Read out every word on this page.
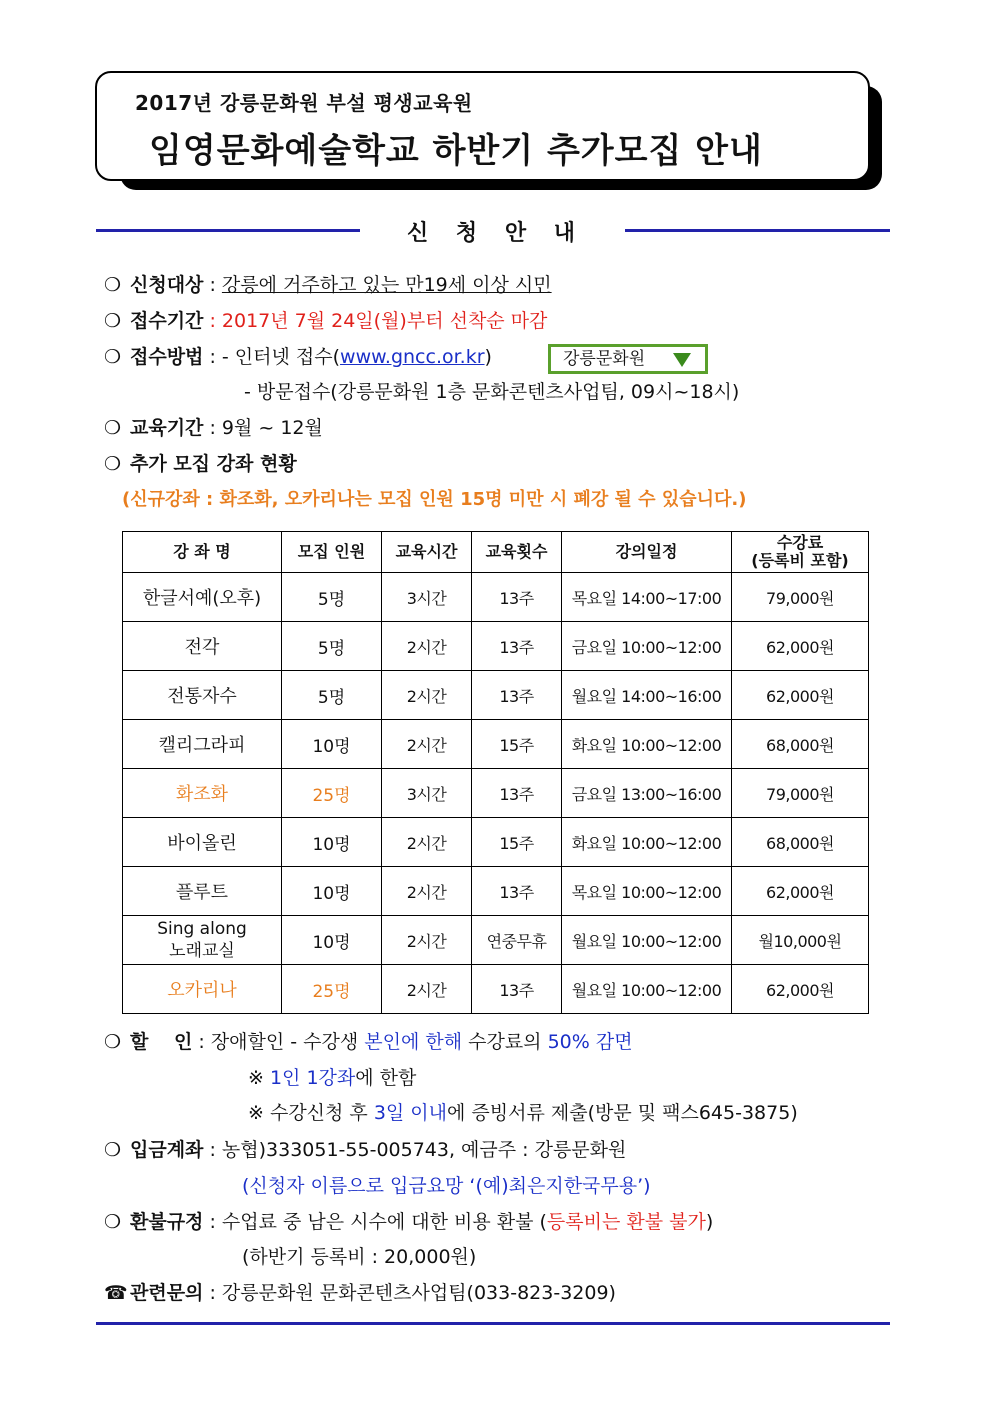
2017년 강릉문화원 부설 평생교육원
임영문화예술학교 하반기 추가모집 안내
신 청 안 내
❍ 신청대상 : 강릉에 거주하고 있는 만19세 이상 시민
❍ 접수기간 : 2017년 7월 24일(월)부터 선착순 마감
❍ 접수방법 : - 인터넷 접수(www.gncc.or.kr)	강릉문화원
- 방문접수(강릉문화원 1층 문화콘텐츠사업팀, 09시~18시)
❍ 교육기간 : 9월 ~ 12월
❍ 추가 모집 강좌 현황
(신규강좌 : 화조화, 오카리나는 모집 인원 15명 미만 시 폐강 될 수 있습니다.)
강 좌 명	모집 인원	교육시간	교육횟수	강의일정	수강료
(등록비 포함)
한글서예(오후)	5명	3시간	13주	목요일 14:00~17:00	79,000원
전각	5명	2시간	13주	금요일 10:00~12:00	62,000원
전통자수	5명	2시간	13주	월요일 14:00~16:00	62,000원
캘리그라피	10명	2시간	15주	화요일 10:00~12:00	68,000원
화조화	25명	3시간	13주	금요일 13:00~16:00	79,000원
바이올린	10명	2시간	15주	화요일 10:00~12:00	68,000원
플루트	10명	2시간	13주	목요일 10:00~12:00	62,000원
Sing along
노래교실	10명	2시간	연중무휴	월요일 10:00~12:00	월10,000원
오카리나	25명	2시간	13주	월요일 10:00~12:00	62,000원
❍ 할　 인 : 장애할인 - 수강생 본인에 한해 수강료의 50% 감면
※ 1인 1강좌에 한함
※ 수강신청 후 3일 이내에 증빙서류 제출(방문 및 팩스645-3875)
❍ 입금계좌 : 농협)333051-55-005743, 예금주 : 강릉문화원
(신청자 이름으로 입금요망 ‘(예)최은지한국무용’)
❍ 환불규정 : 수업료 중 남은 시수에 대한 비용 환불 (등록비는 환불 불가)
(하반기 등록비 : 20,000원)
☎ 관련문의 : 강릉문화원 문화콘텐츠사업팀(033-823-3209)
